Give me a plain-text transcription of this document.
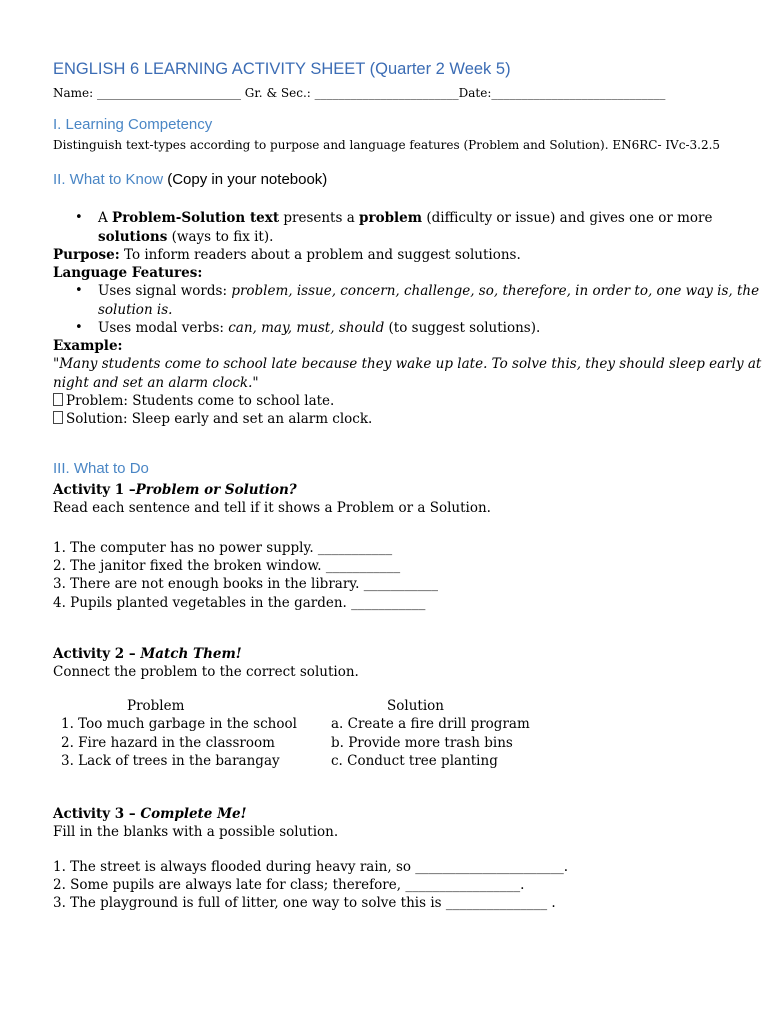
ENGLISH 6 LEARNING ACTIVITY SHEET (Quarter 2 Week 5)
Name: ________________________ Gr. & Sec.: ________________________Date:_____________________________
I. Learning Competency
Distinguish text-types according to purpose and language features (Problem and Solution). EN6RC- IVc-3.2.5
II. What to Know (Copy in your notebook)
• A Problem-Solution text presents a problem (difficulty or issue) and gives one or more
solutions (ways to fix it).
Purpose: To inform readers about a problem and suggest solutions.
Language Features:
• Uses signal words: problem, issue, concern, challenge, so, therefore, in order to, one way is, the
solution is.
• Uses modal verbs: can, may, must, should (to suggest solutions).
Example:
"Many students come to school late because they wake up late. To solve this, they should sleep early at
night and set an alarm clock."
Problem: Students come to school late.
Solution: Sleep early and set an alarm clock.
III. What to Do
Activity 1 –Problem or Solution?
Read each sentence and tell if it shows a Problem or a Solution.
1. The computer has no power supply. ___________
2. The janitor fixed the broken window. ___________
3. There are not enough books in the library. ___________
4. Pupils planted vegetables in the garden. ___________
Activity 2 – Match Them!
Connect the problem to the correct solution.
Problem	Solution
1. Too much garbage in the school
2. Fire hazard in the classroom
3. Lack of trees in the barangay
a. Create a fire drill program
b. Provide more trash bins
c. Conduct tree planting
Activity 3 – Complete Me!
Fill in the blanks with a possible solution.
1. The street is always flooded during heavy rain, so ______________________.
2. Some pupils are always late for class; therefore, _________________.
3. The playground is full of litter, one way to solve this is _______________ .
